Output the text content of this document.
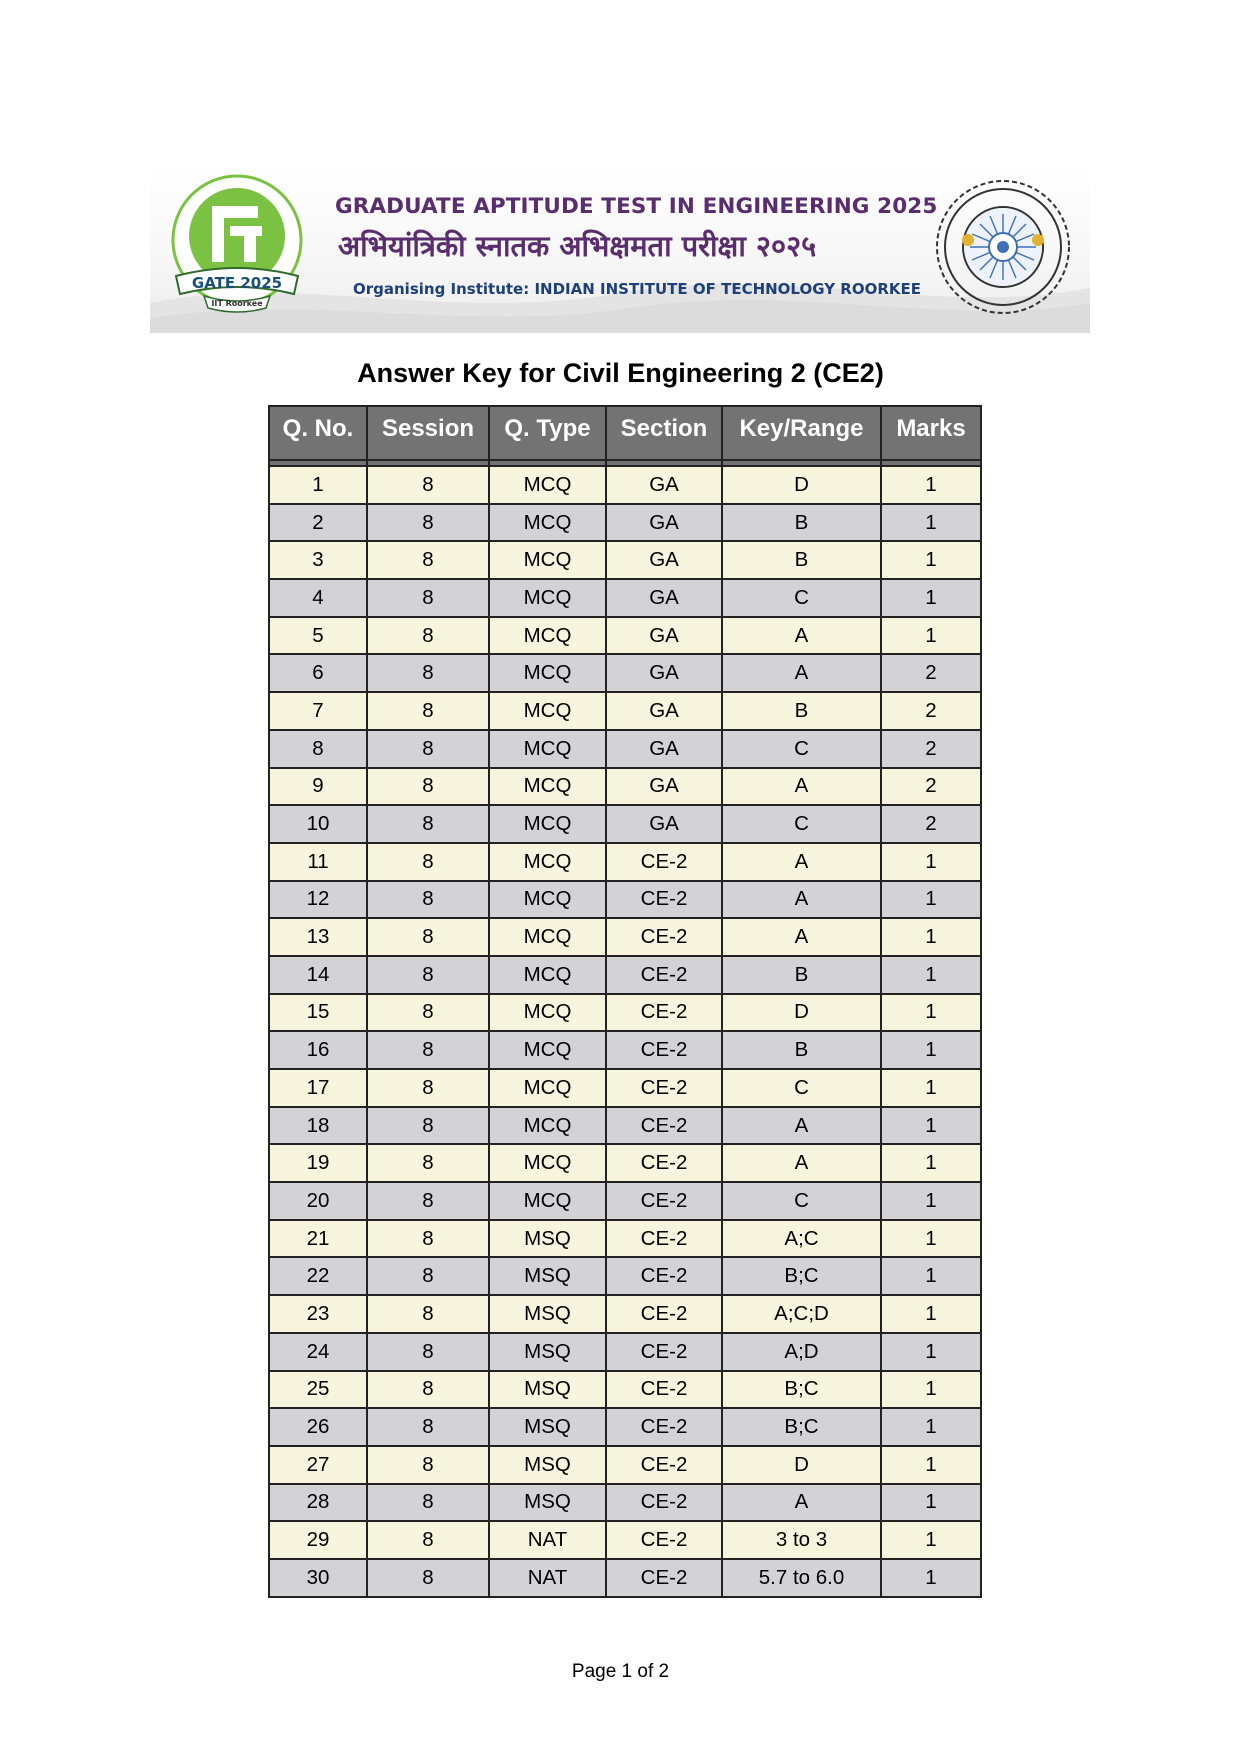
GATE 2025
IIT Roorkee
GRADUATE APTITUDE TEST IN ENGINEERING 2025
अभियांत्रिकी स्नातक अभिक्षमता परीक्षा २०२५
Organising Institute: INDIAN INSTITUTE OF TECHNOLOGY ROORKEE
Answer Key for Civil Engineering 2 (CE2)
Q. No.	Session	Q. Type	Section	Key/Range	Marks

1	8	MCQ	GA	D	1
2	8	MCQ	GA	B	1
3	8	MCQ	GA	B	1
4	8	MCQ	GA	C	1
5	8	MCQ	GA	A	1
6	8	MCQ	GA	A	2
7	8	MCQ	GA	B	2
8	8	MCQ	GA	C	2
9	8	MCQ	GA	A	2
10	8	MCQ	GA	C	2
11	8	MCQ	CE-2	A	1
12	8	MCQ	CE-2	A	1
13	8	MCQ	CE-2	A	1
14	8	MCQ	CE-2	B	1
15	8	MCQ	CE-2	D	1
16	8	MCQ	CE-2	B	1
17	8	MCQ	CE-2	C	1
18	8	MCQ	CE-2	A	1
19	8	MCQ	CE-2	A	1
20	8	MCQ	CE-2	C	1
21	8	MSQ	CE-2	A;C	1
22	8	MSQ	CE-2	B;C	1
23	8	MSQ	CE-2	A;C;D	1
24	8	MSQ	CE-2	A;D	1
25	8	MSQ	CE-2	B;C	1
26	8	MSQ	CE-2	B;C	1
27	8	MSQ	CE-2	D	1
28	8	MSQ	CE-2	A	1
29	8	NAT	CE-2	3 to 3	1
30	8	NAT	CE-2	5.7 to 6.0	1
Page 1 of 2
